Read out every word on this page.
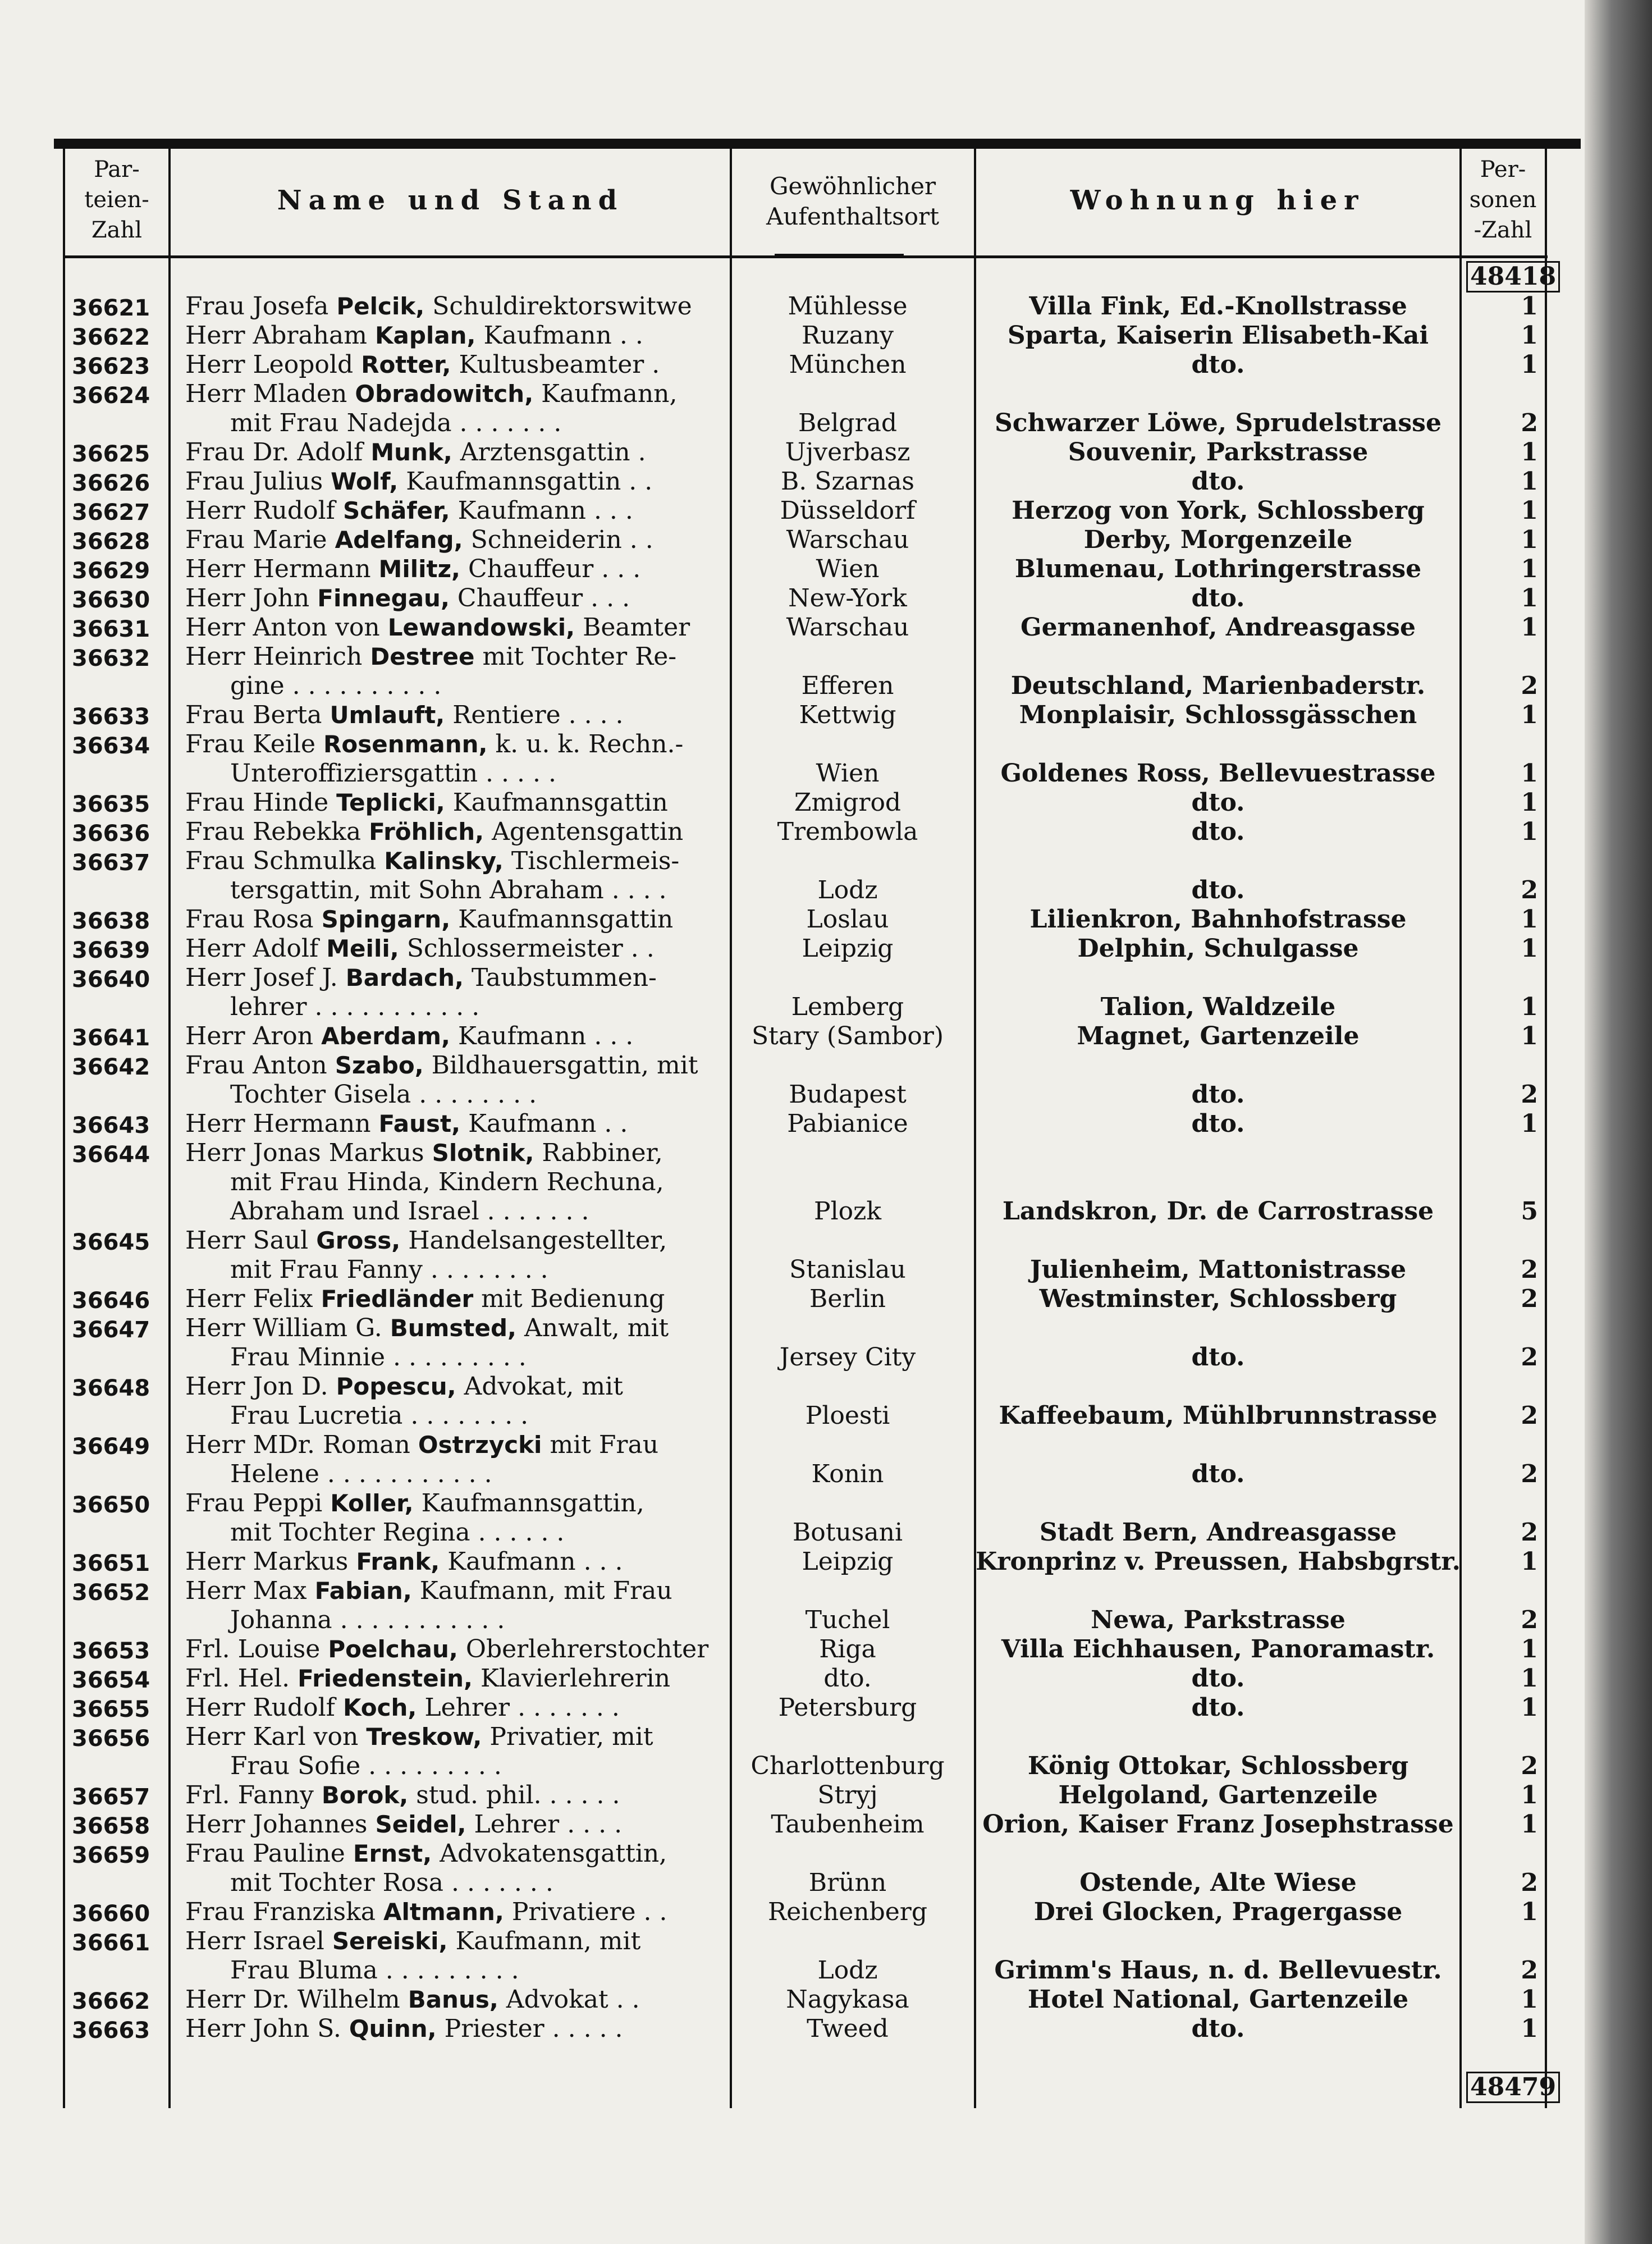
Par-teien-Zahl
Name und Stand	Gewöhnlicher Aufenthaltsort
Wohnung hier
Per-sonen-Zahl
48418
36621	Frau Josefa Pelcik, Schuldirektorswitwe	Mühlesse	Villa Fink, Ed.-Knollstrasse	1
36622	Herr Abraham Kaplan, Kaufmann . .	Ruzany	Sparta, Kaiserin Elisabeth-Kai	1
36623	Herr Leopold Rotter, Kultusbeamter .	München	dto.	1
36624	Herr Mladen Obradowitch, Kaufmann,
mit Frau Nadejda . . . . . . .	Belgrad	Schwarzer Löwe, Sprudelstrasse	2
36625	Frau Dr. Adolf Munk, Arztensgattin .	Ujverbasz	Souvenir, Parkstrasse	1
36626	Frau Julius Wolf, Kaufmannsgattin . .	B. Szarnas	dto.	1
36627	Herr Rudolf Schäfer, Kaufmann . . .	Düsseldorf	Herzog von York, Schlossberg	1
36628	Frau Marie Adelfang, Schneiderin . .	Warschau	Derby, Morgenzeile	1
36629	Herr Hermann Militz, Chauffeur . . .	Wien	Blumenau, Lothringerstrasse	1
36630	Herr John Finnegau, Chauffeur . . .	New-York	dto.	1
36631	Herr Anton von Lewandowski, Beamter	Warschau	Germanenhof, Andreasgasse	1
36632	Herr Heinrich Destree mit Tochter Re-
gine . . . . . . . . . .	Efferen	Deutschland, Marienbaderstr.	2
36633	Frau Berta Umlauft, Rentiere . . . .	Kettwig	Monplaisir, Schlossgässchen	1
36634	Frau Keile Rosenmann, k. u. k. Rechn.-
Unteroffiziersgattin . . . . .	Wien	Goldenes Ross, Bellevuestrasse	1
36635	Frau Hinde Teplicki, Kaufmannsgattin	Zmigrod	dto.	1
36636	Frau Rebekka Fröhlich, Agentensgattin	Trembowla	dto.	1
36637	Frau Schmulka Kalinsky, Tischlermeis-
tersgattin, mit Sohn Abraham . . . .	Lodz	dto.	2
36638	Frau Rosa Spingarn, Kaufmannsgattin	Loslau	Lilienkron, Bahnhofstrasse	1
36639	Herr Adolf Meili, Schlossermeister . .	Leipzig	Delphin, Schulgasse	1
36640	Herr Josef J. Bardach, Taubstummen-
lehrer . . . . . . . . . . .	Lemberg	Talion, Waldzeile	1
36641	Herr Aron Aberdam, Kaufmann . . .	Stary (Sambor)	Magnet, Gartenzeile	1
36642	Frau Anton Szabo, Bildhauersgattin, mit
Tochter Gisela . . . . . . . .	Budapest	dto.	2
36643	Herr Hermann Faust, Kaufmann . .	Pabianice	dto.	1
36644	Herr Jonas Markus Slotnik, Rabbiner,
mit Frau Hinda, Kindern Rechuna,
Abraham und Israel . . . . . . .	Plozk	Landskron, Dr. de Carrostrasse	5
36645	Herr Saul Gross, Handelsangestellter,
mit Frau Fanny . . . . . . . .	Stanislau	Julienheim, Mattonistrasse	2
36646	Herr Felix Friedländer mit Bedienung	Berlin	Westminster, Schlossberg	2
36647	Herr William G. Bumsted, Anwalt, mit
Frau Minnie . . . . . . . . .	Jersey City	dto.	2
36648	Herr Jon D. Popescu, Advokat, mit
Frau Lucretia . . . . . . . .	Ploesti	Kaffeebaum, Mühlbrunnstrasse	2
36649	Herr MDr. Roman Ostrzycki mit Frau
Helene . . . . . . . . . . .	Konin	dto.	2
36650	Frau Peppi Koller, Kaufmannsgattin,
mit Tochter Regina . . . . . .	Botusani	Stadt Bern, Andreasgasse	2
36651	Herr Markus Frank, Kaufmann . . .	Leipzig	Kronprinz v. Preussen, Habsbgrstr.	1
36652	Herr Max Fabian, Kaufmann, mit Frau
Johanna . . . . . . . . . . .	Tuchel	Newa, Parkstrasse	2
36653	Frl. Louise Poelchau, Oberlehrerstochter	Riga	Villa Eichhausen, Panoramastr.	1
36654	Frl. Hel. Friedenstein, Klavierlehrerin	dto.	dto.	1
36655	Herr Rudolf Koch, Lehrer . . . . . . .	Petersburg	dto.	1
36656	Herr Karl von Treskow, Privatier, mit
Frau Sofie . . . . . . . . .	Charlottenburg	König Ottokar, Schlossberg	2
36657	Frl. Fanny Borok, stud. phil. . . . . .	Stryj	Helgoland, Gartenzeile	1
36658	Herr Johannes Seidel, Lehrer . . . .	Taubenheim	Orion, Kaiser Franz Josephstrasse	1
36659	Frau Pauline Ernst, Advokatensgattin,
mit Tochter Rosa . . . . . . .	Brünn	Ostende, Alte Wiese	2
36660	Frau Franziska Altmann, Privatiere . .	Reichenberg	Drei Glocken, Pragergasse	1
36661	Herr Israel Sereiski, Kaufmann, mit
Frau Bluma . . . . . . . . .	Lodz	Grimm's Haus, n. d. Bellevuestr.	2
36662	Herr Dr. Wilhelm Banus, Advokat . .	Nagykasa	Hotel National, Gartenzeile	1
36663	Herr John S. Quinn, Priester . . . . .	Tweed	dto.	1
48479
